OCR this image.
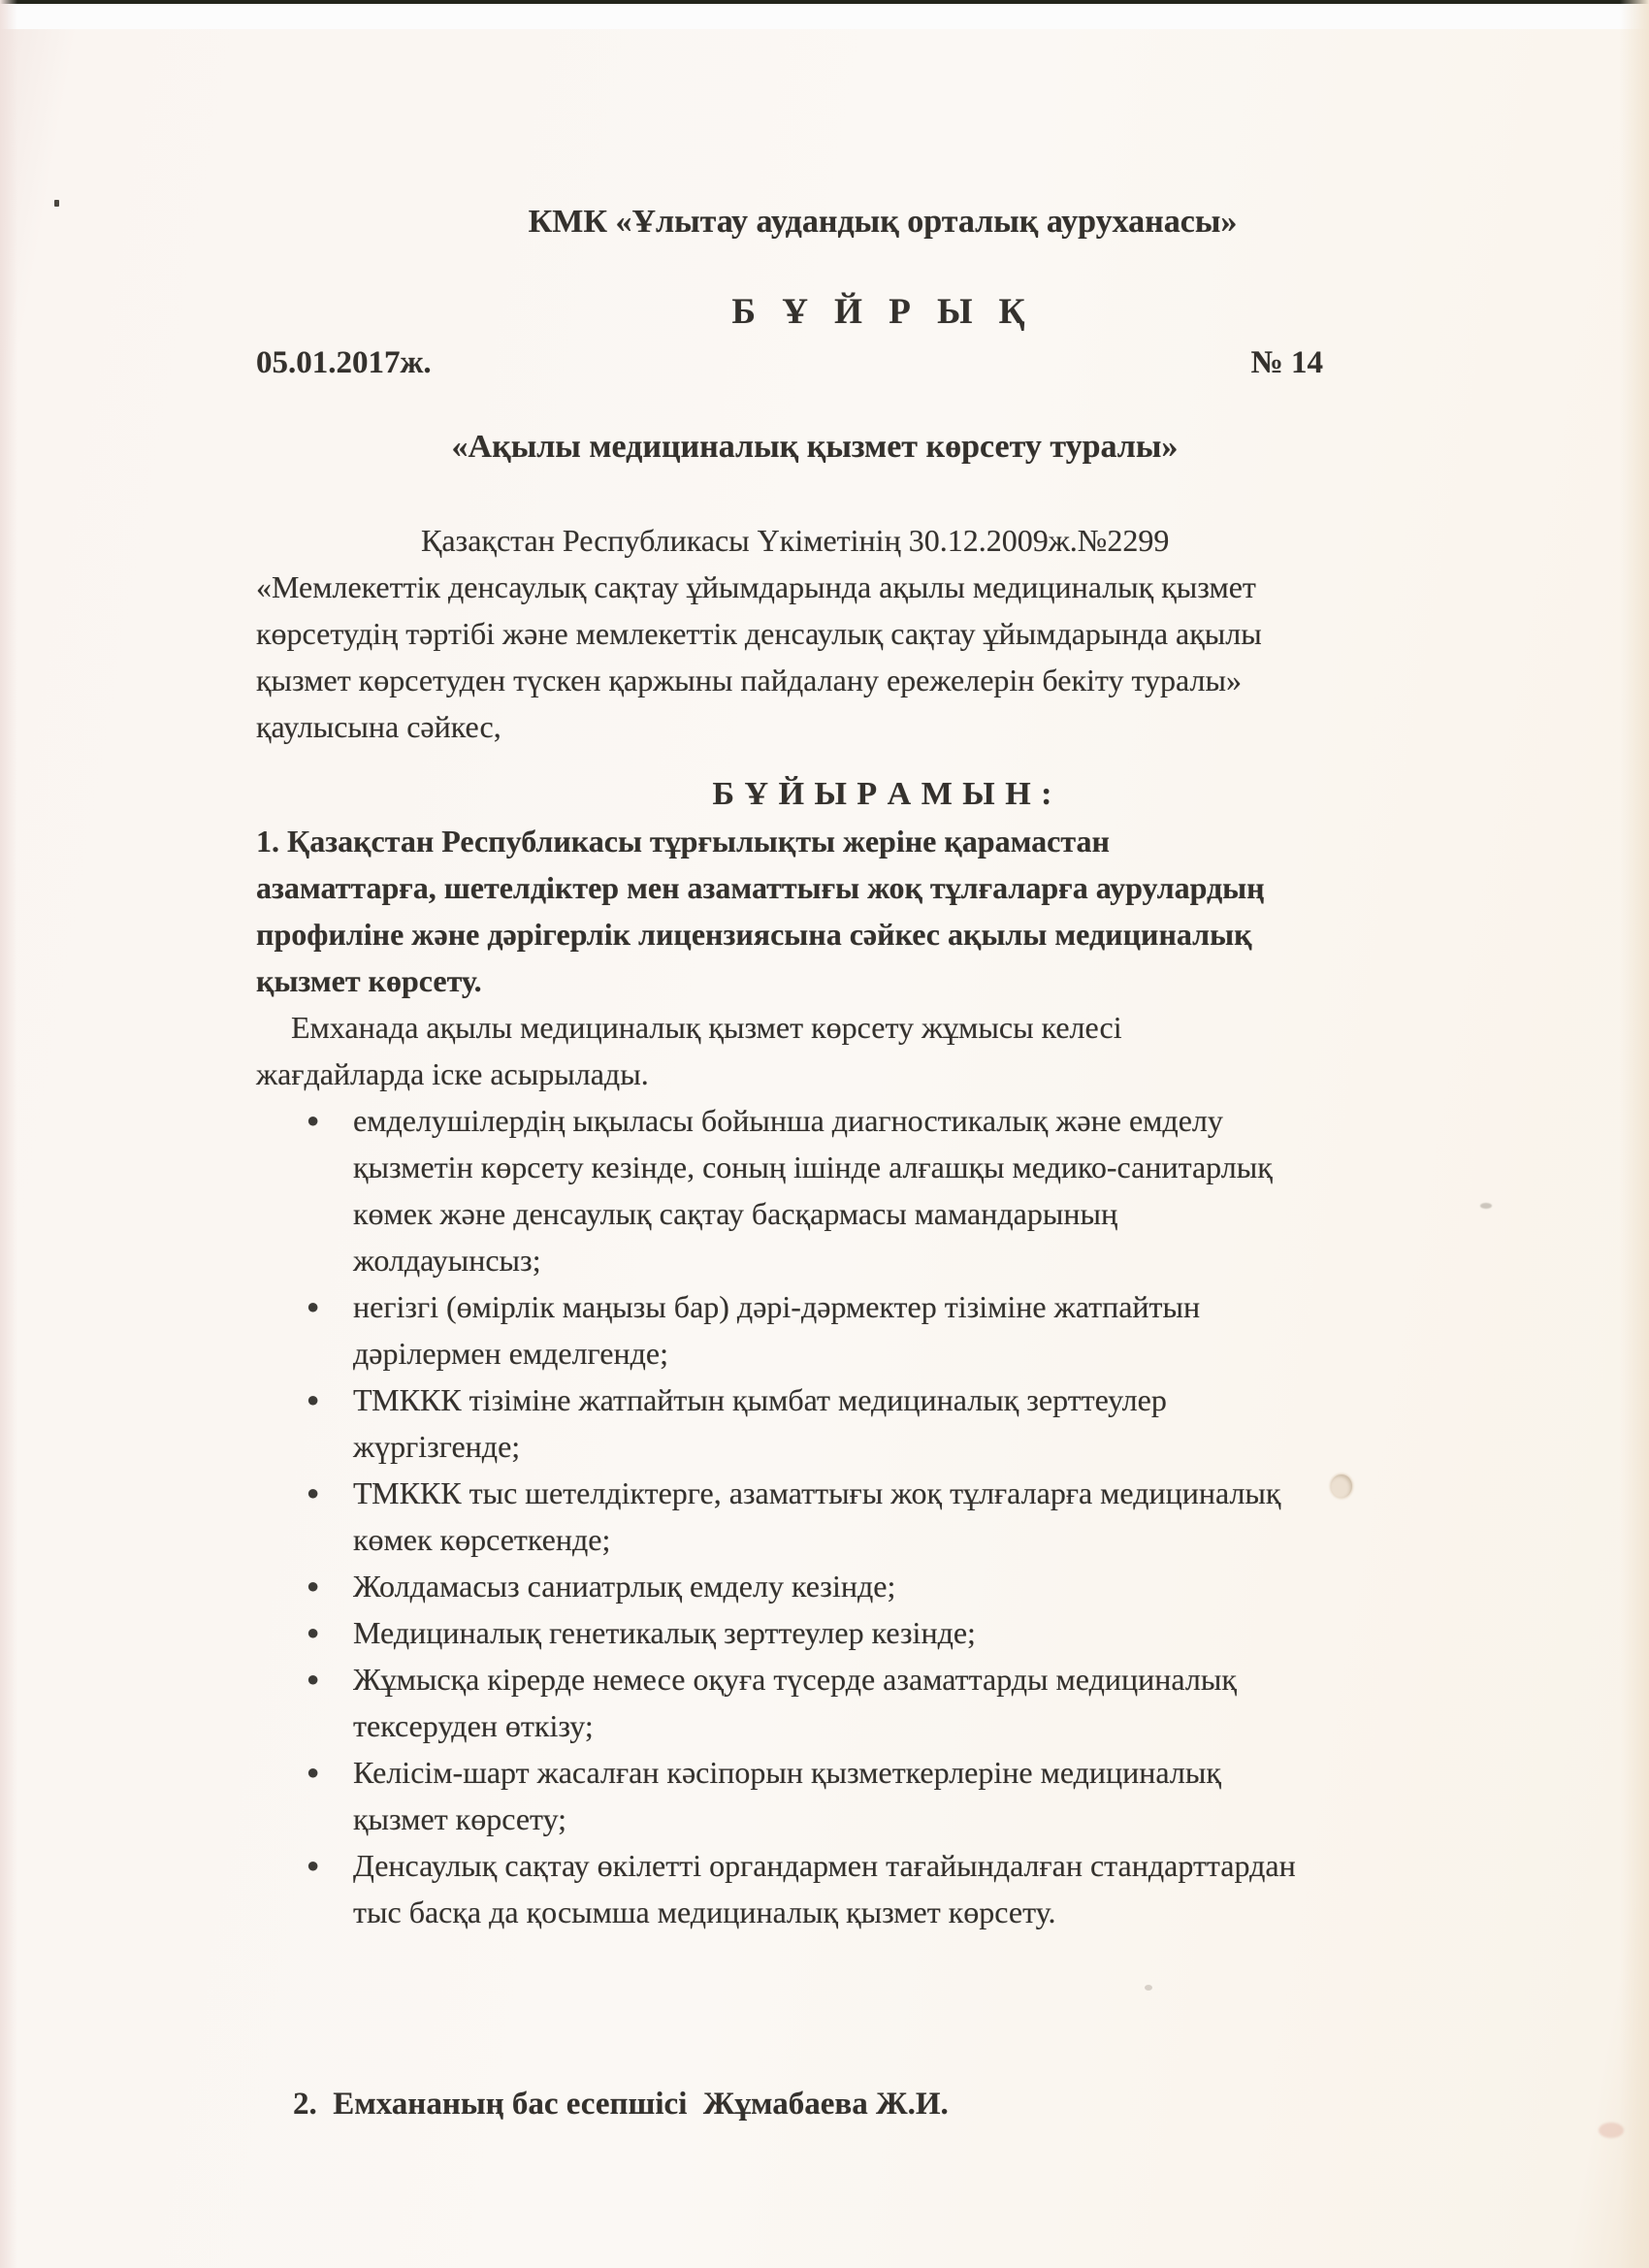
КМК «Ұлытау аудандық орталық ауруханасы»
Б Ұ Й Р Ы Қ
05.01.2017ж.	№ 14
«Ақылы медициналық қызмет көрсету туралы»
Қазақстан Республикасы Үкіметінің 30.12.2009ж.№2299
«Мемлекеттік денсаулық сақтау ұйымдарында ақылы медициналық қызмет
көрсетудің тәртібі және мемлекеттік денсаулық сақтау ұйымдарында ақылы
қызмет көрсетуден түскен қаржыны пайдалану ережелерін бекіту туралы»
қаулысына сәйкес,
Б Ұ Й Ы Р А М Ы Н :
1. Қазақстан Республикасы тұрғылықты жеріне қарамастан
азаматтарға, шетелдіктер мен азаматтығы жоқ тұлғаларға аурулардың
профиліне және дәрігерлік лицензиясына сәйкес ақылы медициналық
қызмет көрсету.
Емханада ақылы медициналық қызмет көрсету жұмысы келесі
жағдайларда іске асырылады.
● емделушілердің ықыласы бойынша диагностикалық және емделу
қызметін көрсету кезінде, соның ішінде алғашқы медико-санитарлық
көмек және денсаулық сақтау басқармасы мамандарының
жолдауынсыз;
● негізгі (өмірлік маңызы бар) дәрі-дәрмектер тізіміне жатпайтын
дәрілермен емделгенде;
● ТМККК тізіміне жатпайтын қымбат медициналық зерттеулер
жүргізгенде;
● ТМККК тыс шетелдіктерге, азаматтығы жоқ тұлғаларға медициналық
көмек көрсеткенде;
● Жолдамасыз саниатрлық емделу кезінде;
● Медициналық генетикалық зерттеулер кезінде;
● Жұмысқа кірерде немесе оқуға түсерде азаматтарды медициналық
тексеруден өткізу;
● Келісім-шарт жасалған кәсіпорын қызметкерлеріне медициналық
қызмет көрсету;
● Денсаулық сақтау өкілетті органдармен тағайындалған стандарттардан
тыс басқа да қосымша медициналық қызмет көрсету.
2.  Емхананың бас есепшісі  Жұмабаева Ж.И.
